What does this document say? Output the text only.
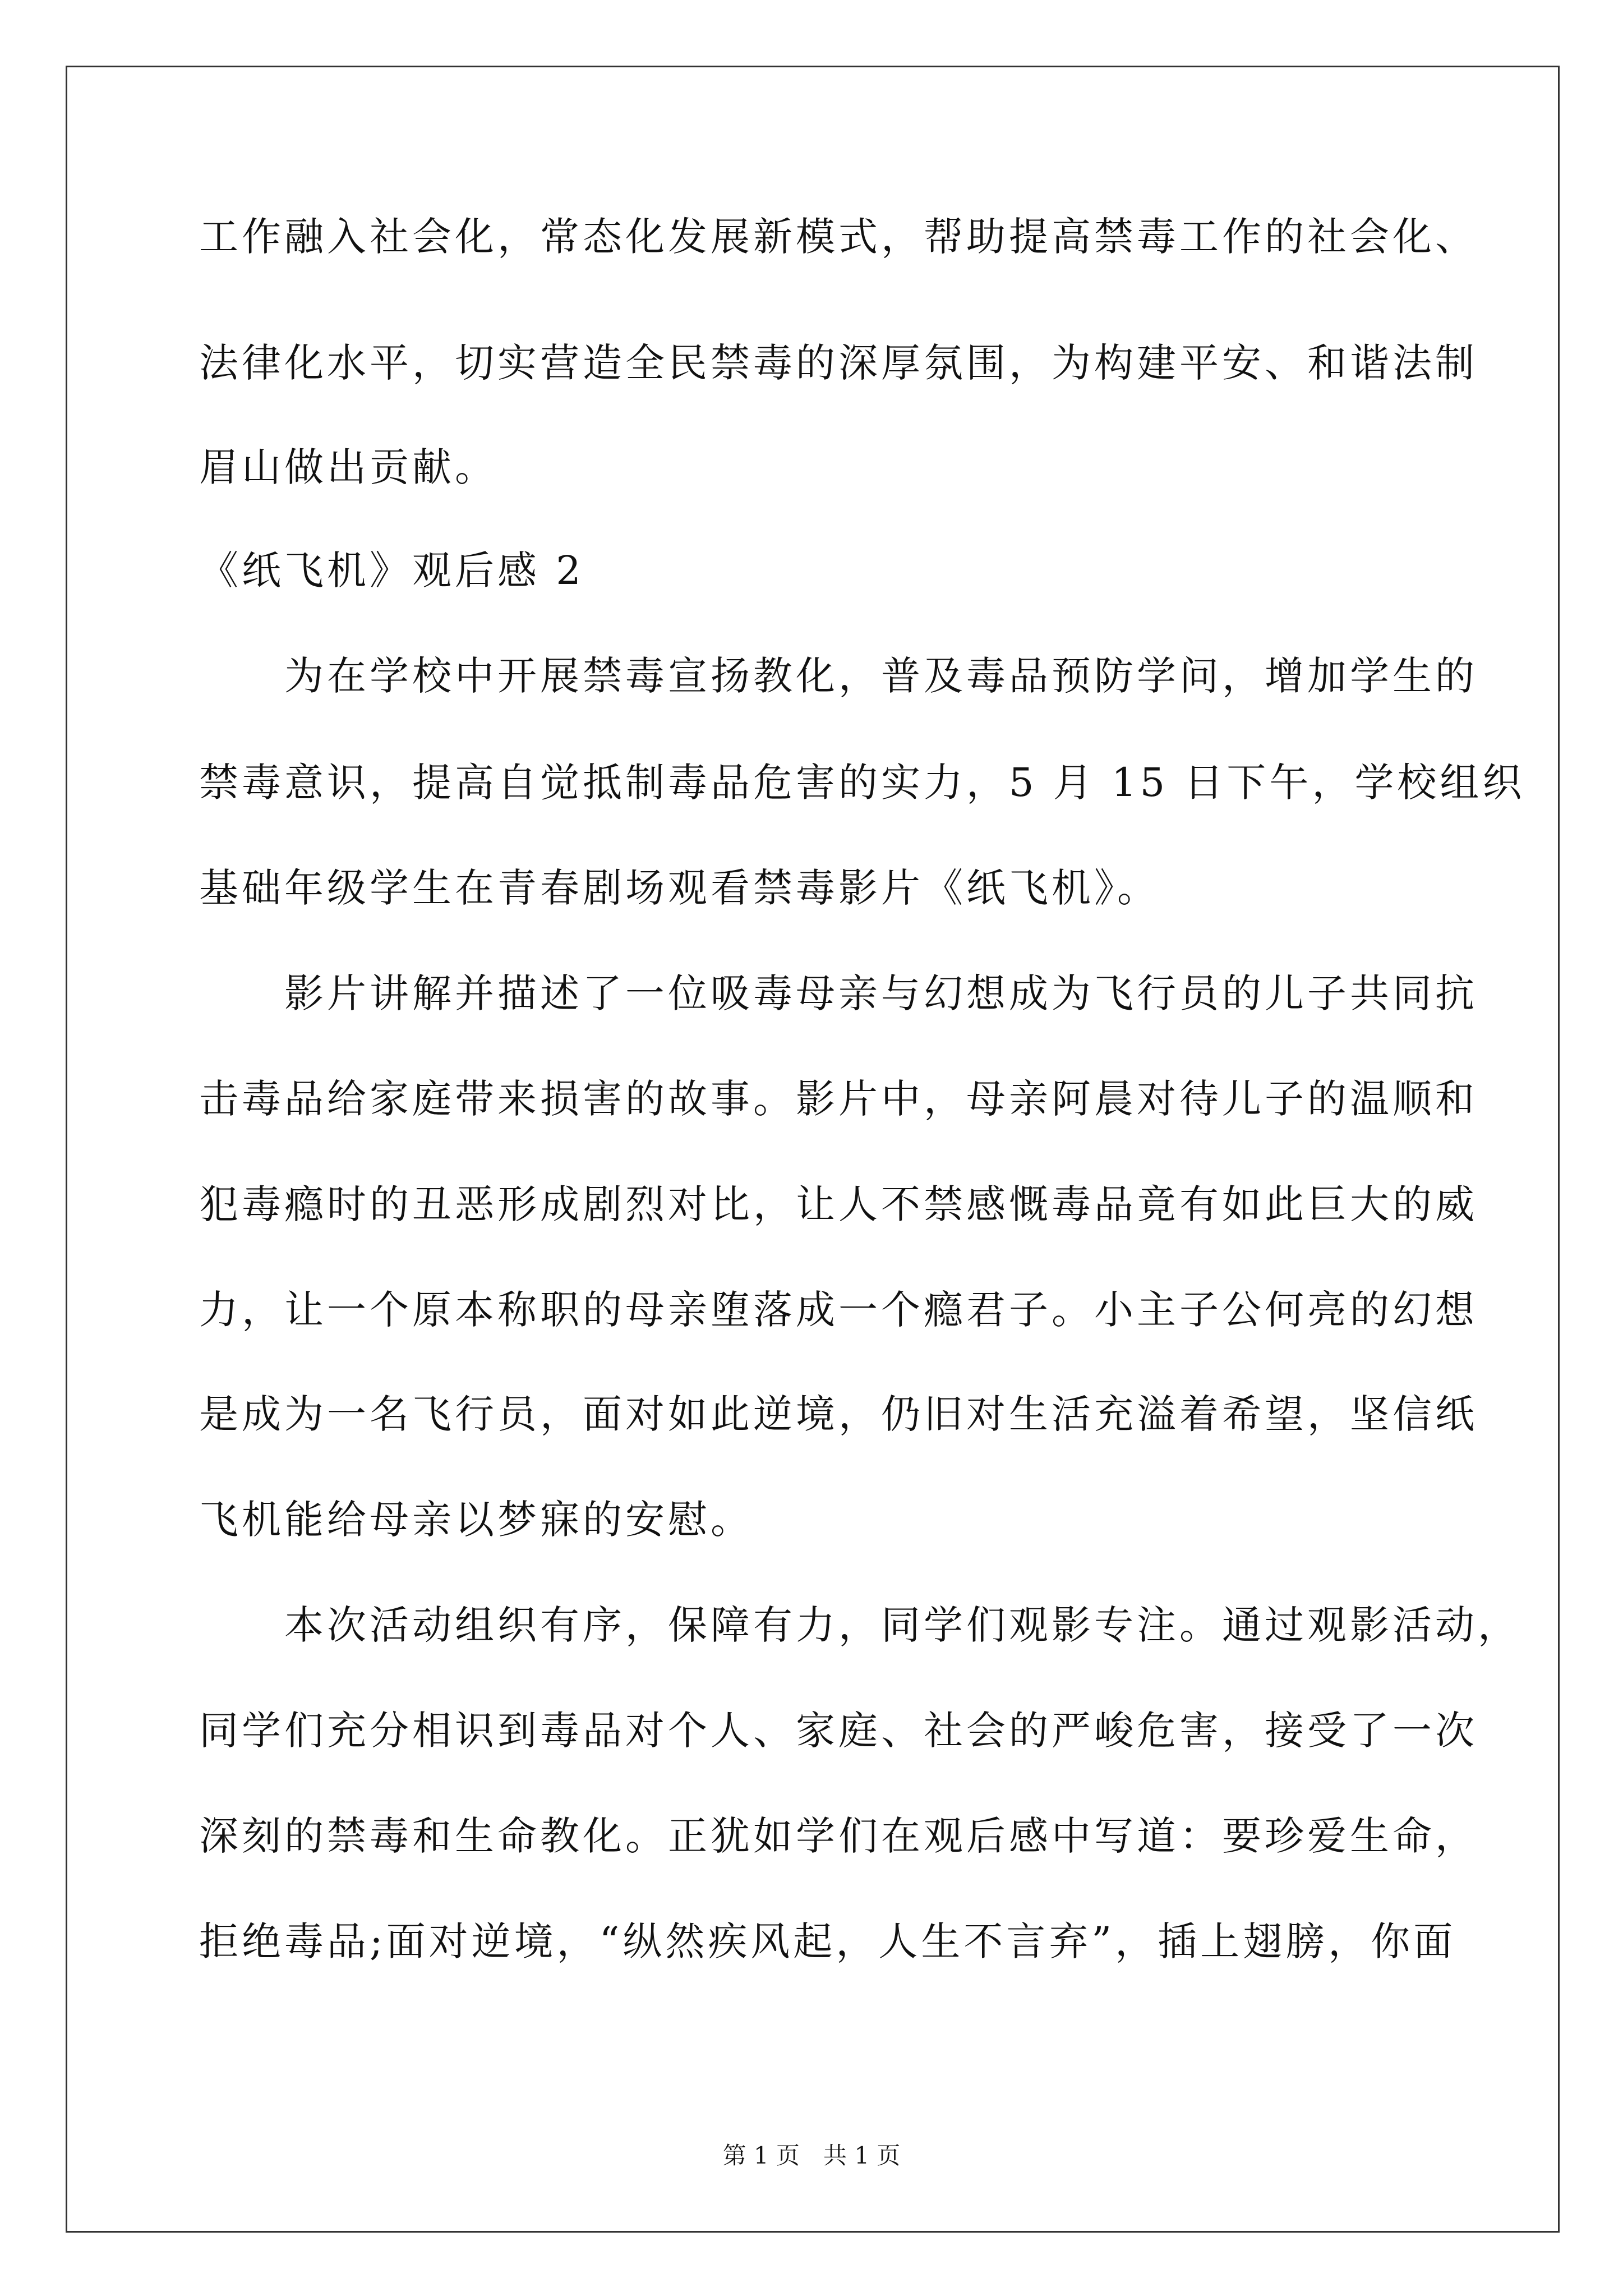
工作融入社会化，常态化发展新模式，帮助提高禁毒工作的社会化、
法律化水平，切实营造全民禁毒的深厚氛围，为构建平安、和谐法制
眉山做出贡献。
《纸飞机》观后感 2
　　为在学校中开展禁毒宣扬教化，普及毒品预防学问，增加学生的
禁毒意识，提高自觉抵制毒品危害的实力，5 月 15 日下午，学校组织
基础年级学生在青春剧场观看禁毒影片《纸飞机》。
　　影片讲解并描述了一位吸毒母亲与幻想成为飞行员的儿子共同抗
击毒品给家庭带来损害的故事。影片中，母亲阿晨对待儿子的温顺和
犯毒瘾时的丑恶形成剧烈对比，让人不禁感慨毒品竟有如此巨大的威
力，让一个原本称职的母亲堕落成一个瘾君子。小主子公何亮的幻想
是成为一名飞行员，面对如此逆境，仍旧对生活充溢着希望，坚信纸
飞机能给母亲以梦寐的安慰。
　　本次活动组织有序，保障有力，同学们观影专注。通过观影活动，
同学们充分相识到毒品对个人、家庭、社会的严峻危害，接受了一次
深刻的禁毒和生命教化。正犹如学们在观后感中写道：要珍爱生命，
拒绝毒品;面对逆境，“纵然疾风起，人生不言弃”，插上翅膀，你面
第 1 页　共 1 页
